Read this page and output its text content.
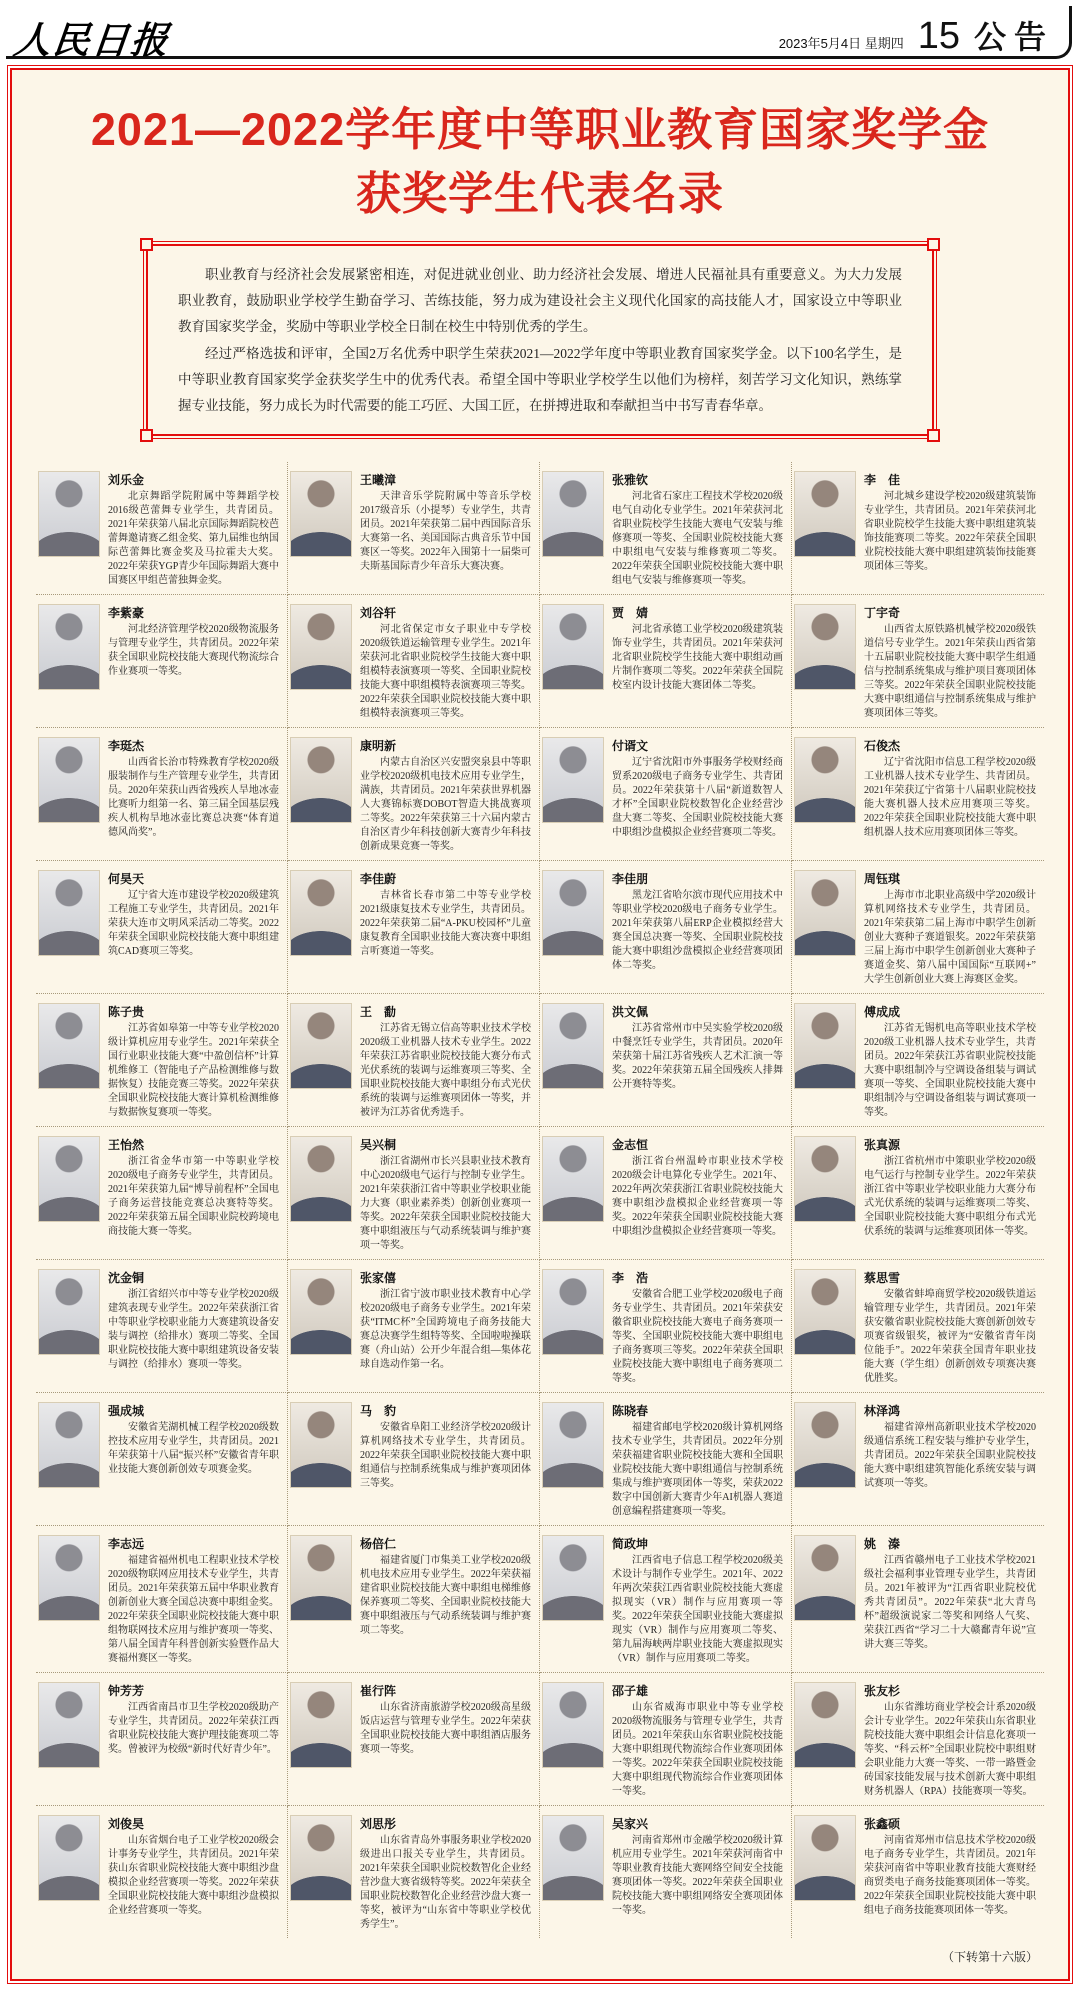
人民日报	2023年5月4日 星期四 15 公告
2021—2022学年度中等职业教育国家奖学金
获奖学生代表名录

职业教育与经济社会发展紧密相连，对促进就业创业、助力经济社会发展、增进人民福祉具有重要意义。为大力发展职业教育，鼓励职业学校学生勤奋学习、苦练技能，努力成为建设社会主义现代化国家的高技能人才，国家设立中等职业教育国家奖学金，奖励中等职业学校全日制在校生中特别优秀的学生。

经过严格选拔和评审，全国2万名优秀中职学生荣获2021—2022学年度中等职业教育国家奖学金。以下100名学生，是中等职业教育国家奖学金获奖学生中的优秀代表。希望全国中等职业学校学生以他们为榜样，刻苦学习文化知识，熟练掌握专业技能，努力成长为时代需要的能工巧匠、大国工匠，在拼搏进取和奉献担当中书写青春华章。

刘乐金

北京舞蹈学院附属中等舞蹈学校2016级芭蕾舞专业学生，共青团员。2021年荣获第八届北京国际舞蹈院校芭蕾舞邀请赛乙组金奖、第九届维也纳国际芭蕾舞比赛金奖及马拉霍夫大奖。2022年荣获YGP青少年国际舞蹈大赛中国赛区甲组芭蕾独舞金奖。

王曦漳

天津音乐学院附属中等音乐学校2017级音乐（小提琴）专业学生，共青团员。2021年荣获第二届中西国际音乐大赛第一名、美国国际古典音乐节中国赛区一等奖。2022年入围第十一届柴可夫斯基国际青少年音乐大赛决赛。

张雅钦

河北省石家庄工程技术学校2020级电气自动化专业学生。2021年荣获河北省职业院校学生技能大赛电气安装与维修赛项一等奖、全国职业院校技能大赛中职组电气安装与维修赛项二等奖。2022年荣获全国职业院校技能大赛中职组电气安装与维修赛项一等奖。

李　佳

河北城乡建设学校2020级建筑装饰专业学生，共青团员。2021年荣获河北省职业院校学生技能大赛中职组建筑装饰技能赛项二等奖。2022年荣获全国职业院校技能大赛中职组建筑装饰技能赛项团体三等奖。

李紫豪

河北经济管理学校2020级物流服务与管理专业学生，共青团员。2022年荣获全国职业院校技能大赛现代物流综合作业赛项一等奖。

刘谷轩

河北省保定市女子职业中专学校2020级铁道运输管理专业学生。2021年荣获河北省职业院校学生技能大赛中职组模特表演赛项一等奖、全国职业院校技能大赛中职组模特表演赛项三等奖。2022年荣获全国职业院校技能大赛中职组模特表演赛项三等奖。

贾　婧

河北省承德工业学校2020级建筑装饰专业学生，共青团员。2021年荣获河北省职业院校学生技能大赛中职组动画片制作赛项二等奖。2022年荣获全国院校室内设计技能大赛团体二等奖。

丁宇奇

山西省太原铁路机械学校2020级铁道信号专业学生。2021年荣获山西省第十五届职业院校技能大赛中职学生组通信与控制系统集成与维护项目赛项团体三等奖。2022年荣获全国职业院校技能大赛中职组通信与控制系统集成与维护赛项团体三等奖。

李珽杰

山西省长治市特殊教育学校2020级服装制作与生产管理专业学生，共青团员。2020年荣获山西省残疾人旱地冰壶比赛听力组第一名、第三届全国基层残疾人机构旱地冰壶比赛总决赛“体育道德风尚奖”。

康明新

内蒙古自治区兴安盟突泉县中等职业学校2020级机电技术应用专业学生，满族，共青团员。2021年荣获世界机器人大赛锦标赛DOBOT智造大挑战赛项二等奖。2022年荣获第三十六届内蒙古自治区青少年科技创新大赛青少年科技创新成果竞赛一等奖。

付谞文

辽宁省沈阳市外事服务学校财经商贸系2020级电子商务专业学生、共青团员。2022年荣获第十八届“新道数智人才杯”全国职业院校数智化企业经营沙盘大赛二等奖、全国职业院校技能大赛中职组沙盘模拟企业经营赛项二等奖。

石俊杰

辽宁省沈阳市信息工程学校2020级工业机器人技术专业学生、共青团员。2021年荣获辽宁省第十八届职业院校技能大赛机器人技术应用赛项三等奖。2022年荣获全国职业院校技能大赛中职组机器人技术应用赛项团体三等奖。

何昊天

辽宁省大连市建设学校2020级建筑工程施工专业学生，共青团员。2021年荣获大连市文明风采活动二等奖。2022年荣获全国职业院校技能大赛中职组建筑CAD赛项三等奖。

李佳蔚

吉林省长春市第二中等专业学校2021级康复技术专业学生，共青团员。2022年荣获第二届“A-PKU校园杯”儿童康复教育全国职业技能大赛决赛中职组言听赛道一等奖。

李佳朋

黑龙江省哈尔滨市现代应用技术中等职业学校2020级电子商务专业学生。2021年荣获第八届ERP企业模拟经营大赛全国总决赛一等奖、全国职业院校技能大赛中职组沙盘模拟企业经营赛项团体二等奖。

周钰琪

上海市市北职业高级中学2020级计算机网络技术专业学生，共青团员。2021年荣获第二届上海市中职学生创新创业大赛种子赛道银奖。2022年荣获第三届上海市中职学生创新创业大赛种子赛道金奖、第八届中国国际“互联网+”大学生创新创业大赛上海赛区金奖。

陈子贵

江苏省如皋第一中等专业学校2020级计算机应用专业学生。2021年荣获全国行业职业技能大赛“中盈创信杯”计算机维修工（智能电子产品检测维修与数据恢复）技能竞赛三等奖。2022年荣获全国职业院校技能大赛计算机检测维修与数据恢复赛项一等奖。

王　勫

江苏省无锡立信高等职业技术学校2020级工业机器人技术专业学生。2022年荣获江苏省职业院校技能大赛分布式光伏系统的装调与运维赛项三等奖、全国职业院校技能大赛中职组分布式光伏系统的装调与运维赛项团体一等奖，并被评为江苏省优秀选手。

洪文佩

江苏省常州市中吴实验学校2020级中餐烹饪专业学生，共青团员。2020年荣获第十届江苏省残疾人艺术汇演一等奖。2022年荣获第五届全国残疾人排舞公开赛特等奖。

傅成成

江苏省无锡机电高等职业技术学校2020级工业机器人技术专业学生，共青团员。2022年荣获江苏省职业院校技能大赛中职组制冷与空调设备组装与调试赛项一等奖、全国职业院校技能大赛中职组制冷与空调设备组装与调试赛项一等奖。

王怡然

浙江省金华市第一中等职业学校2020级电子商务专业学生，共青团员。2021年荣获第九届“博导前程杯”全国电子商务运营技能竞赛总决赛特等奖。2022年荣获第五届全国职业院校跨境电商技能大赛一等奖。

吴兴桐

浙江省湖州市长兴县职业技术教育中心2020级电气运行与控制专业学生。2021年荣获浙江省中等职业学校职业能力大赛（职业素养类）创新创业赛项一等奖。2022年荣获全国职业院校技能大赛中职组液压与气动系统装调与维护赛项一等奖。

金志恒

浙江省台州温岭市职业技术学校2020级会计电算化专业学生。2021年、2022年两次荣获浙江省职业院校技能大赛中职组沙盘模拟企业经营赛项一等奖。2022年荣获全国职业院校技能大赛中职组沙盘模拟企业经营赛项一等奖。

张真源

浙江省杭州市中策职业学校2020级电气运行与控制专业学生。2022年荣获浙江省中等职业学校职业能力大赛分布式光伏系统的装调与运维赛项二等奖、全国职业院校技能大赛中职组分布式光伏系统的装调与运维赛项团体一等奖。

沈金铜

浙江省绍兴市中等专业学校2020级建筑表现专业学生。2022年荣获浙江省中等职业学校职业能力大赛建筑设备安装与调控（给排水）赛项二等奖、全国职业院校技能大赛中职组建筑设备安装与调控（给排水）赛项一等奖。

张家僖

浙江省宁波市职业技术教育中心学校2020级电子商务专业学生。2021年荣获“ITMC杯”全国跨境电子商务技能大赛总决赛学生组特等奖、全国啦啦操联赛（舟山站）公开少年混合组—集体花球自选动作第一名。

李　浩

安徽省合肥工业学校2020级电子商务专业学生、共青团员。2021年荣获安徽省职业院校技能大赛电子商务赛项一等奖、全国职业院校技能大赛中职组电子商务赛项三等奖。2022年荣获全国职业院校技能大赛中职组电子商务赛项二等奖。

蔡思雪

安徽省蚌埠商贸学校2020级铁道运输管理专业学生，共青团员。2021年荣获安徽省职业院校技能大赛创新创效专项赛省级银奖，被评为“安徽省青年岗位能手”。2022年荣获全国青年职业技能大赛（学生组）创新创效专项赛决赛优胜奖。

强成城

安徽省芜湖机械工程学校2020级数控技术应用专业学生，共青团员。2021年荣获第十八届“振兴杯”安徽省青年职业技能大赛创新创效专项赛金奖。

马　豹

安徽省阜阳工业经济学校2020级计算机网络技术专业学生，共青团员。2022年荣获全国职业院校技能大赛中职组通信与控制系统集成与维护赛项团体三等奖。

陈晓春

福建省邮电学校2020级计算机网络技术专业学生，共青团员。2022年分别荣获福建省职业院校技能大赛和全国职业院校技能大赛中职组通信与控制系统集成与维护赛项团体一等奖，荣获2022数字中国创新大赛青少年AI机器人赛道创意编程搭建赛项一等奖。

林泽鸿

福建省漳州高新职业技术学校2020级通信系统工程安装与维护专业学生，共青团员。2022年荣获全国职业院校技能大赛中职组建筑智能化系统安装与调试赛项一等奖。

李志远

福建省福州机电工程职业技术学校2020级物联网应用技术专业学生，共青团员。2021年荣获第五届中华职业教育创新创业大赛全国总决赛中职组金奖。2022年荣获全国职业院校技能大赛中职组物联网技术应用与维护赛项一等奖、第八届全国青年科普创新实验暨作品大赛福州赛区一等奖。

杨倍仁

福建省厦门市集美工业学校2020级机电技术应用专业学生。2022年荣获福建省职业院校技能大赛中职组电梯维修保养赛项二等奖、全国职业院校技能大赛中职组液压与气动系统装调与维护赛项二等奖。

简政坤

江西省电子信息工程学校2020级美术设计与制作专业学生。2021年、2022年两次荣获江西省职业院校技能大赛虚拟现实（VR）制作与应用赛项一等奖。2022年荣获全国职业技能大赛虚拟现实（VR）制作与应用赛项二等奖、第九届海峡两岸职业技能大赛虚拟现实（VR）制作与应用赛项二等奖。

姚　溱

江西省赣州电子工业技术学校2021级社会福利事业管理专业学生，共青团员。2021年被评为“江西省职业院校优秀共青团员”。2022年荣获“北大青鸟杯”超级演说家二等奖和网络人气奖、荣获江西省“学习二十大赣鄱青年说”宣讲大赛三等奖。

钟芳芳

江西省南昌市卫生学校2020级助产专业学生，共青团员。2022年荣获江西省职业院校技能大赛护理技能赛项二等奖。曾被评为校级“新时代好青少年”。

崔行阵

山东省济南旅游学校2020级高星级饭店运营与管理专业学生。2022年荣获全国职业院校技能大赛中职组酒店服务赛项一等奖。

邵子雄

山东省威海市职业中等专业学校2020级物流服务与管理专业学生，共青团员。2021年荣获山东省职业院校技能大赛中职组现代物流综合作业赛项团体一等奖。2022年荣获全国职业院校技能大赛中职组现代物流综合作业赛项团体一等奖。

张友杉

山东省潍坊商业学校会计系2020级会计专业学生。2022年荣获山东省职业院校技能大赛中职组会计信息化赛项一等奖、“科云杯”全国职业院校中职组财会职业能力大赛一等奖、一带一路暨金砖国家技能发展与技术创新大赛中职组财务机器人（RPA）技能赛项一等奖。

刘俊昊

山东省烟台电子工业学校2020级会计事务专业学生，共青团员。2021年荣获山东省职业院校技能大赛中职组沙盘模拟企业经营赛项一等奖。2022年荣获全国职业院校技能大赛中职组沙盘模拟企业经营赛项一等奖。

刘思彤

山东省青岛外事服务职业学校2020级进出口报关专业学生，共青团员。2021年荣获全国职业院校数智化企业经营沙盘大赛省级特等奖。2022年荣获全国职业院校数智化企业经营沙盘大赛一等奖，被评为“山东省中等职业学校优秀学生”。

吴家兴

河南省郑州市金融学校2020级计算机应用专业学生。2021年荣获河南省中等职业教育技能大赛网络空间安全技能赛项团体一等奖。2022年荣获全国职业院校技能大赛中职组网络安全赛项团体一等奖。

张鑫硕

河南省郑州市信息技术学校2020级电子商务专业学生，共青团员。2021年荣获河南省中等职业教育技能大赛财经商贸类电子商务技能赛项团体一等奖。2022年荣获全国职业院校技能大赛中职组电子商务技能赛项团体一等奖。

（下转第十六版）
